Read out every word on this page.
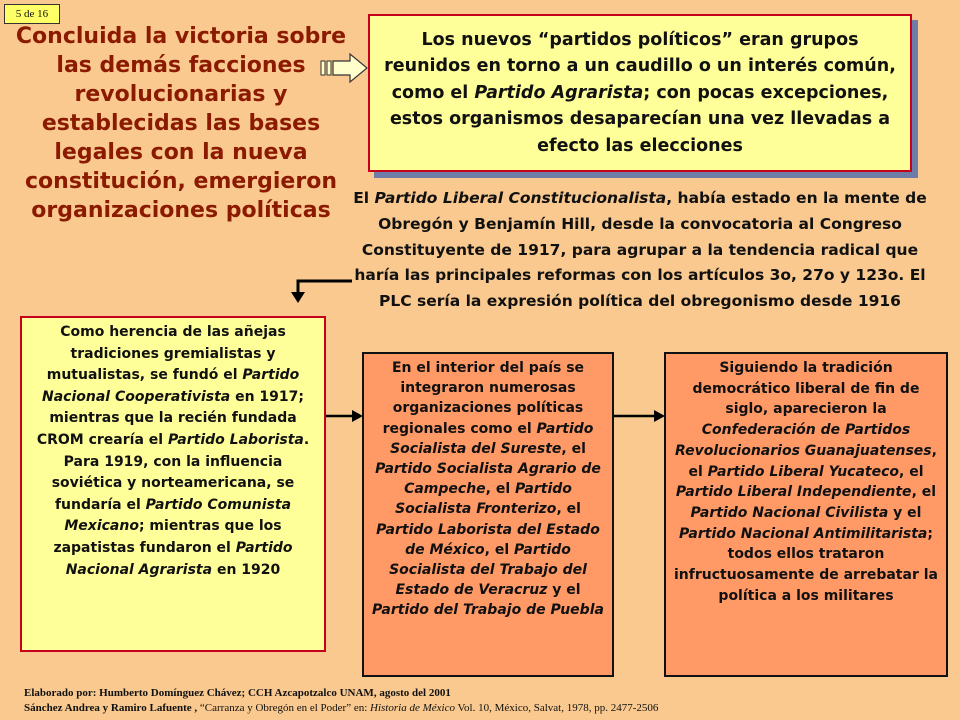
5 de 16
Concluida la victoria sobre las demás facciones revolucionarias y establecidas las bases legales con la nueva constitución, emergieron organizaciones políticas
Los nuevos “partidos políticos” eran grupos reunidos en torno a un caudillo o un interés común, como el Partido Agrarista; con pocas excepciones, estos organismos desaparecían una vez llevadas a efecto las elecciones
El Partido Liberal Constitucionalista, había estado en la mente de Obregón y Benjamín Hill, desde la convocatoria al Congreso Constituyente de 1917, para agrupar a la tendencia radical que haría las principales reformas con los artículos 3o, 27o y 123o. El PLC sería la expresión política del obregonismo desde 1916
Como herencia de las añejas tradiciones gremialistas y mutualistas, se fundó el Partido Nacional Cooperativista en 1917; mientras que la recién fundada CROM crearía el Partido Laborista. Para 1919, con la influencia soviética y norteamericana, se fundaría el Partido Comunista Mexicano; mientras que los zapatistas fundaron el Partido Nacional Agrarista en 1920
En el interior del país se integraron numerosas organizaciones políticas regionales como el Partido Socialista del Sureste, el Partido Socialista Agrario de Campeche, el Partido Socialista Fronterizo, el Partido Laborista del Estado de México, el Partido Socialista del Trabajo del Estado de Veracruz y el Partido del Trabajo de Puebla
Siguiendo la tradición democrático liberal de fin de siglo, aparecieron la Confederación de Partidos Revolucionarios Guanajuatenses, el Partido Liberal Yucateco, el Partido Liberal Independiente, el Partido Nacional Civilista y el Partido Nacional Antimilitarista; todos ellos trataron infructuosamente de arrebatar la política a los militares
Elaborado por: Humberto Domínguez Chávez; CCH Azcapotzalco UNAM, agosto del 2001
Sánchez Andrea y Ramiro Lafuente , “Carranza y Obregón en el Poder” en: Historia de México Vol. 10, México, Salvat, 1978, pp. 2477-2506
